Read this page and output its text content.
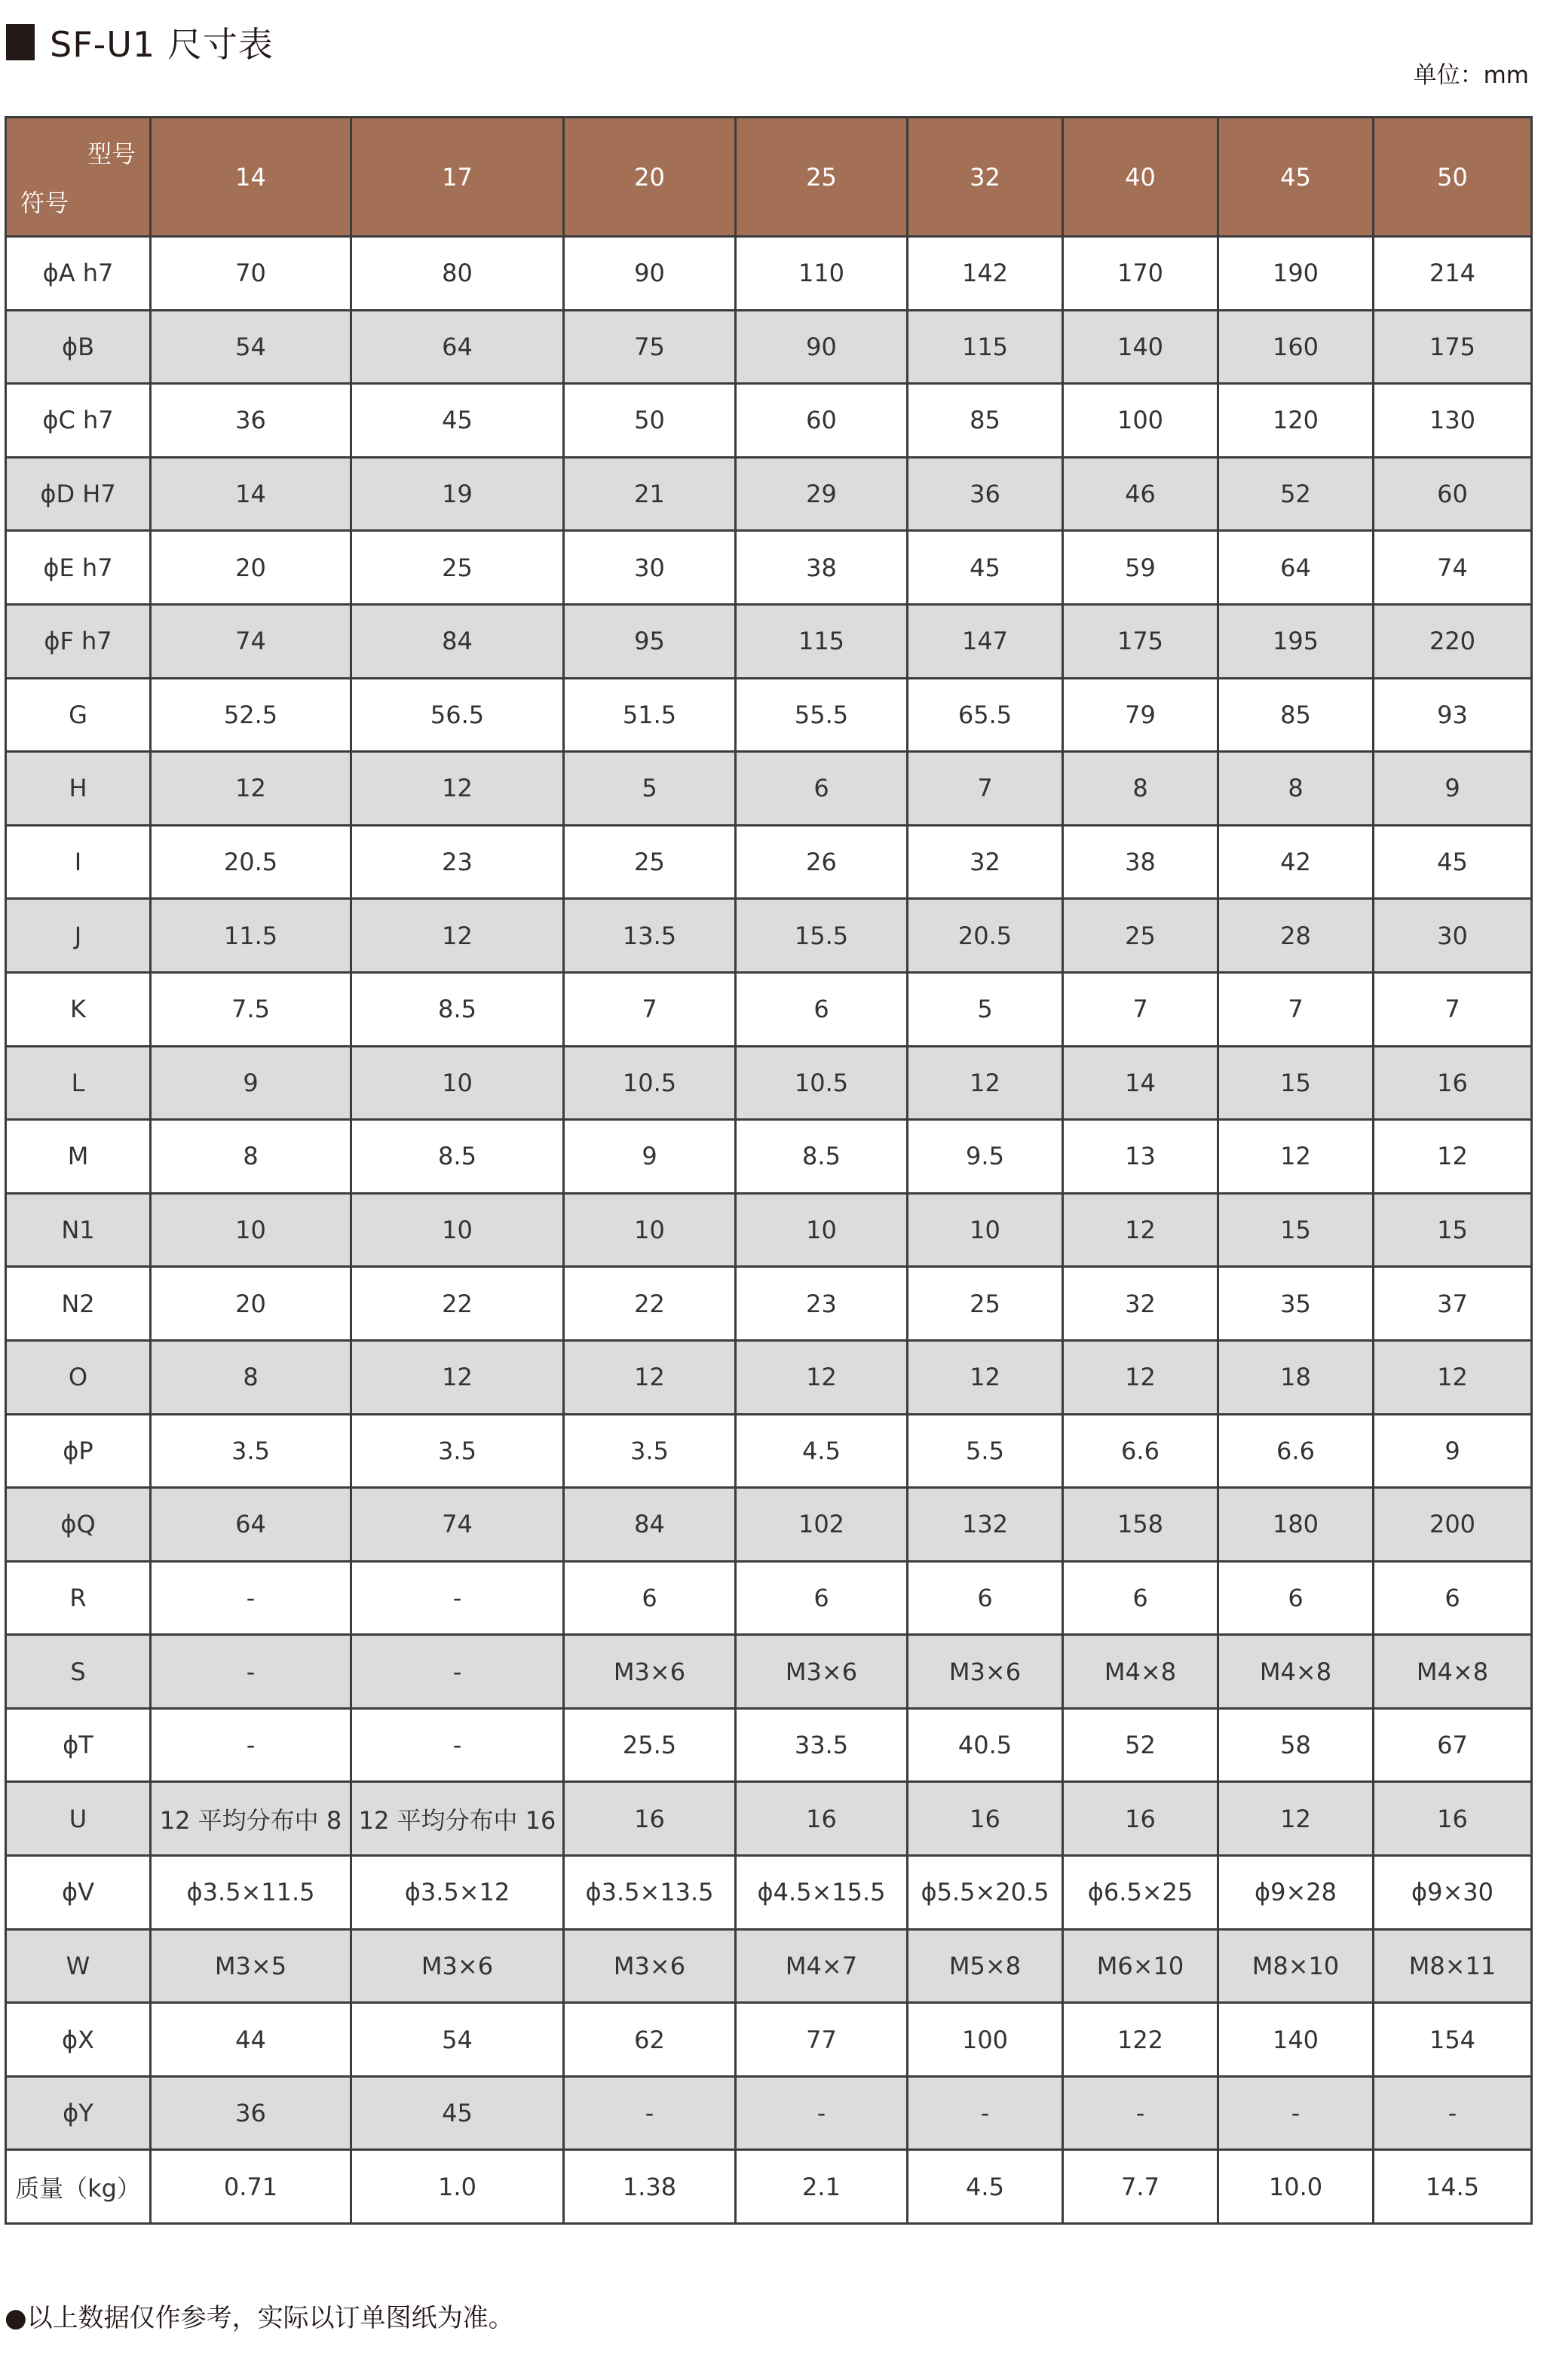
SF-U1 尺寸表
单位：mm
型号
符号	14	17	20	25	32	40	45	50
ϕA h7	70	80	90	110	142	170	190	214
ϕB	54	64	75	90	115	140	160	175
ϕC h7	36	45	50	60	85	100	120	130
ϕD H7	14	19	21	29	36	46	52	60
ϕE h7	20	25	30	38	45	59	64	74
ϕF h7	74	84	95	115	147	175	195	220
G	52.5	56.5	51.5	55.5	65.5	79	85	93
H	12	12	5	6	7	8	8	9
I	20.5	23	25	26	32	38	42	45
J	11.5	12	13.5	15.5	20.5	25	28	30
K	7.5	8.5	7	6	5	7	7	7
L	9	10	10.5	10.5	12	14	15	16
M	8	8.5	9	8.5	9.5	13	12	12
N1	10	10	10	10	10	12	15	15
N2	20	22	22	23	25	32	35	37
O	8	12	12	12	12	12	18	12
ϕP	3.5	3.5	3.5	4.5	5.5	6.6	6.6	9
ϕQ	64	74	84	102	132	158	180	200
R	-	-	6	6	6	6	6	6
S	-	-	M3×6	M3×6	M3×6	M4×8	M4×8	M4×8
ϕT	-	-	25.5	33.5	40.5	52	58	67
U	12 平均分布中 8	12 平均分布中 16	16	16	16	16	12	16
ϕV	ϕ3.5×11.5	ϕ3.5×12	ϕ3.5×13.5	ϕ4.5×15.5	ϕ5.5×20.5	ϕ6.5×25	ϕ9×28	ϕ9×30
W	M3×5	M3×6	M3×6	M4×7	M5×8	M6×10	M8×10	M8×11
ϕX	44	54	62	77	100	122	140	154
ϕY	36	45	-	-	-	-	-	-
质量（kg）	0.71	1.0	1.38	2.1	4.5	7.7	10.0	14.5
●以上数据仅作参考，实际以订单图纸为准。
